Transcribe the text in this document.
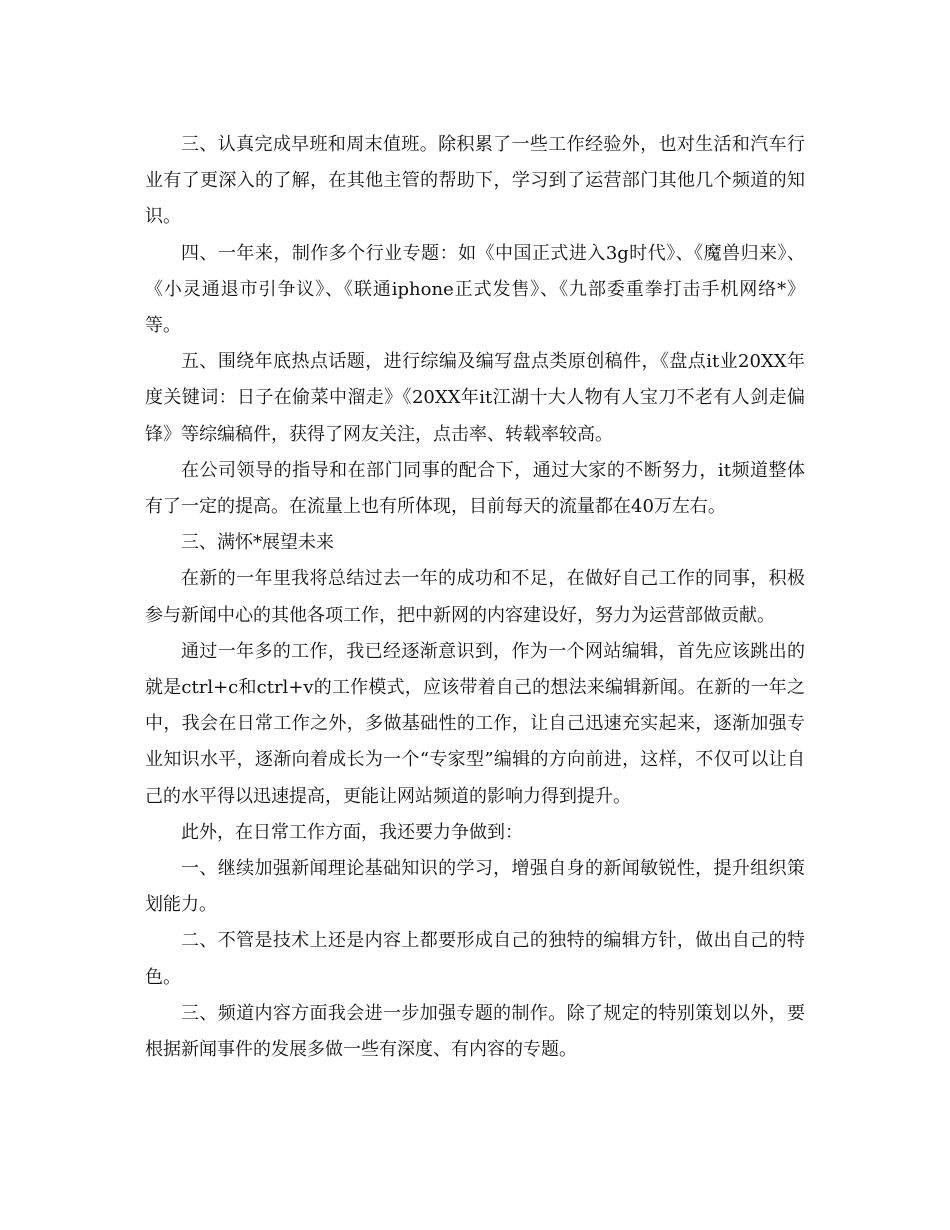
三、认真完成早班和周末值班。除积累了一些工作经验外，也对生活和汽车行业有了更深入的了解，在其他主管的帮助下，学习到了运营部门其他几个频道的知识。

四、一年来，制作多个行业专题：如《中国正式进入3g时代》、《魔兽归来》、《小灵通退市引争议》、《联通iphone正式发售》、《九部委重拳打击手机网络*》等。

五、围绕年底热点话题，进行综编及编写盘点类原创稿件，《盘点it业20XX年度关键词：日子在偷菜中溜走》《20XX年it江湖十大人物有人宝刀不老有人剑走偏锋》等综编稿件，获得了网友关注，点击率、转载率较高。

在公司领导的指导和在部门同事的配合下，通过大家的不断努力，it频道整体有了一定的提高。在流量上也有所体现，目前每天的流量都在40万左右。

三、满怀*展望未来

在新的一年里我将总结过去一年的成功和不足，在做好自己工作的同事，积极参与新闻中心的其他各项工作，把中新网的内容建设好，努力为运营部做贡献。

通过一年多的工作，我已经逐渐意识到，作为一个网站编辑，首先应该跳出的就是ctrl+c和ctrl+v的工作模式，应该带着自己的想法来编辑新闻。在新的一年之中，我会在日常工作之外，多做基础性的工作，让自己迅速充实起来，逐渐加强专业知识水平，逐渐向着成长为一个“专家型”编辑的方向前进，这样，不仅可以让自己的水平得以迅速提高，更能让网站频道的影响力得到提升。

此外，在日常工作方面，我还要力争做到：

一、继续加强新闻理论基础知识的学习，增强自身的新闻敏锐性，提升组织策划能力。

二、不管是技术上还是内容上都要形成自己的独特的编辑方针，做出自己的特色。

三、频道内容方面我会进一步加强专题的制作。除了规定的特别策划以外，要根据新闻事件的发展多做一些有深度、有内容的专题。
